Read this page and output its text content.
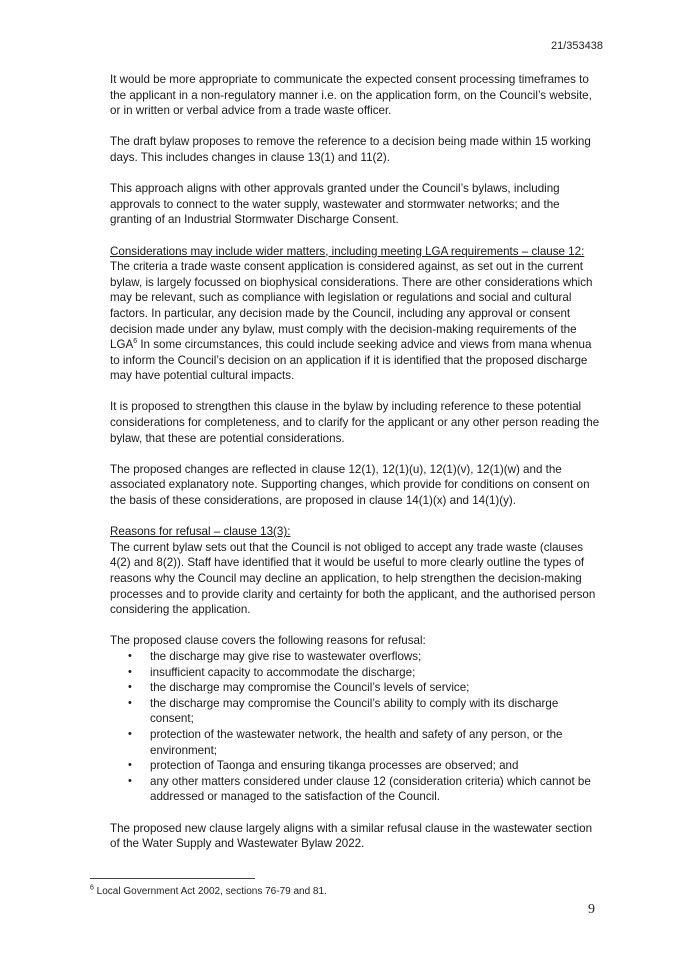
21/353438

It would be more appropriate to communicate the expected consent processing timeframes to the applicant in a non-regulatory manner i.e. on the application form, on the Council’s website, or in written or verbal advice from a trade waste officer.

The draft bylaw proposes to remove the reference to a decision being made within 15 working days. This includes changes in clause 13(1) and 11(2).

This approach aligns with other approvals granted under the Council’s bylaws, including approvals to connect to the water supply, wastewater and stormwater networks; and the granting of an Industrial Stormwater Discharge Consent.

Considerations may include wider matters, including meeting LGA requirements – clause 12: The criteria a trade waste consent application is considered against, as set out in the current bylaw, is largely focussed on biophysical considerations. There are other considerations which may be relevant, such as compliance with legislation or regulations and social and cultural factors. In particular, any decision made by the Council, including any approval or consent decision made under any bylaw, must comply with the decision-making requirements of the LGA$^6$ In some circumstances, this could include seeking advice and views from mana whenua to inform the Council’s decision on an application if it is identified that the proposed discharge may have potential cultural impacts.

It is proposed to strengthen this clause in the bylaw by including reference to these potential considerations for completeness, and to clarify for the applicant or any other person reading the bylaw, that these are potential considerations.

The proposed changes are reflected in clause 12(1), 12(1)(u), 12(1)(v), 12(1)(w) and the associated explanatory note. Supporting changes, which provide for conditions on consent on the basis of these considerations, are proposed in clause 14(1)(x) and 14(1)(y).

Reasons for refusal – clause 13(3):
The current bylaw sets out that the Council is not obliged to accept any trade waste (clauses 4(2) and 8(2)). Staff have identified that it would be useful to more clearly outline the types of reasons why the Council may decline an application, to help strengthen the decision-making processes and to provide clarity and certainty for both the applicant, and the authorised person considering the application.

The proposed clause covers the following reasons for refusal:

• the discharge may give rise to wastewater overflows;
• insufficient capacity to accommodate the discharge;
• the discharge may compromise the Council’s levels of service;
• the discharge may compromise the Council’s ability to comply with its discharge consent;
• protection of the wastewater network, the health and safety of any person, or the environment;
• protection of Taonga and ensuring tikanga processes are observed; and
• any other matters considered under clause 12 (consideration criteria) which cannot be addressed or managed to the satisfaction of the Council.

The proposed new clause largely aligns with a similar refusal clause in the wastewater section of the Water Supply and Wastewater Bylaw 2022.

$^6$ Local Government Act 2002, sections 76-79 and 81.
9
